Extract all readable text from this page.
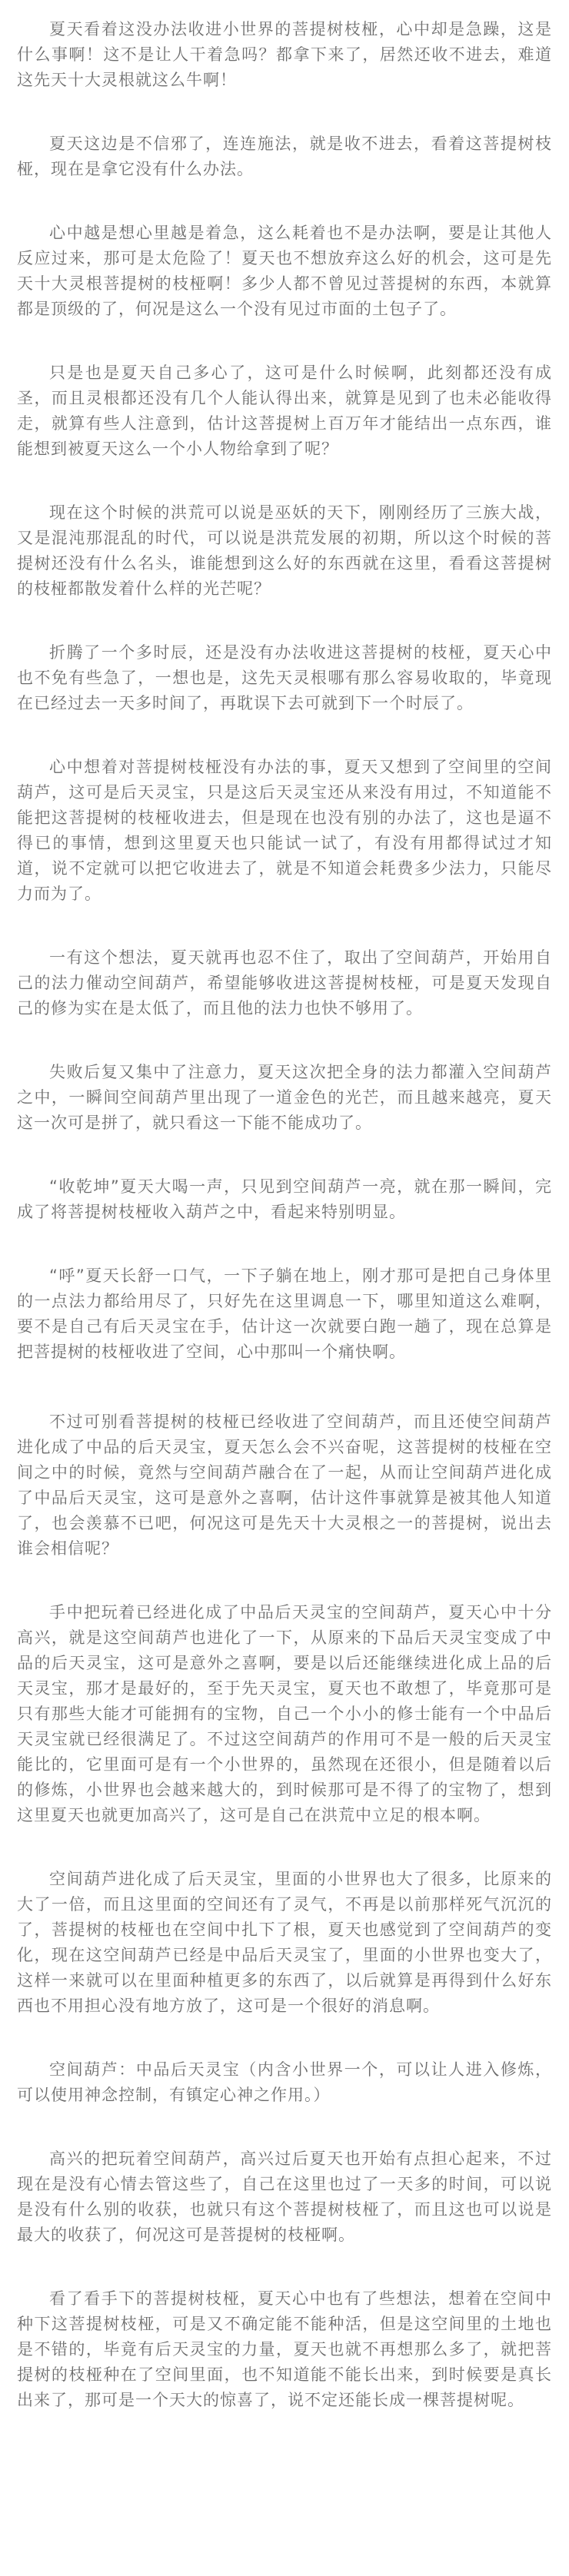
夏天看着这没办法收进小世界的菩提树枝桠，心中却是急躁，这是什么事啊！这不是让人干着急吗？都拿下来了，居然还收不进去，难道这先天十大灵根就这么牛啊！

夏天这边是不信邪了，连连施法，就是收不进去，看着这菩提树枝桠，现在是拿它没有什么办法。

心中越是想心里越是着急，这么耗着也不是办法啊，要是让其他人反应过来，那可是太危险了！夏天也不想放弃这么好的机会，这可是先天十大灵根菩提树的枝桠啊！多少人都不曾见过菩提树的东西，本就算都是顶级的了，何况是这么一个没有见过市面的土包子了。

只是也是夏天自己多心了，这可是什么时候啊，此刻都还没有成圣，而且灵根都还没有几个人能认得出来，就算是见到了也未必能收得走，就算有些人注意到，估计这菩提树上百万年才能结出一点东西，谁能想到被夏天这么一个小人物给拿到了呢？

现在这个时候的洪荒可以说是巫妖的天下，刚刚经历了三族大战，又是混沌那混乱的时代，可以说是洪荒发展的初期，所以这个时候的菩提树还没有什么名头，谁能想到这么好的东西就在这里，看看这菩提树的枝桠都散发着什么样的光芒呢？

折腾了一个多时辰，还是没有办法收进这菩提树的枝桠，夏天心中也不免有些急了，一想也是，这先天灵根哪有那么容易收取的，毕竟现在已经过去一天多时间了，再耽误下去可就到下一个时辰了。

心中想着对菩提树枝桠没有办法的事，夏天又想到了空间里的空间葫芦，这可是后天灵宝，只是这后天灵宝还从来没有用过，不知道能不能把这菩提树的枝桠收进去，但是现在也没有别的办法了，这也是逼不得已的事情，想到这里夏天也只能试一试了，有没有用都得试过才知道，说不定就可以把它收进去了，就是不知道会耗费多少法力，只能尽力而为了。

一有这个想法，夏天就再也忍不住了，取出了空间葫芦，开始用自己的法力催动空间葫芦，希望能够收进这菩提树枝桠，可是夏天发现自己的修为实在是太低了，而且他的法力也快不够用了。

失败后复又集中了注意力，夏天这次把全身的法力都灌入空间葫芦之中，一瞬间空间葫芦里出现了一道金色的光芒，而且越来越亮，夏天这一次可是拼了，就只看这一下能不能成功了。

“收乾坤”夏天大喝一声，只见到空间葫芦一亮，就在那一瞬间，完成了将菩提树枝桠收入葫芦之中，看起来特别明显。

“呼”夏天长舒一口气，一下子躺在地上，刚才那可是把自己身体里的一点法力都给用尽了，只好先在这里调息一下，哪里知道这么难啊，要不是自己有后天灵宝在手，估计这一次就要白跑一趟了，现在总算是把菩提树的枝桠收进了空间，心中那叫一个痛快啊。

不过可别看菩提树的枝桠已经收进了空间葫芦，而且还使空间葫芦进化成了中品的后天灵宝，夏天怎么会不兴奋呢，这菩提树的枝桠在空间之中的时候，竟然与空间葫芦融合在了一起，从而让空间葫芦进化成了中品后天灵宝，这可是意外之喜啊，估计这件事就算是被其他人知道了，也会羡慕不已吧，何况这可是先天十大灵根之一的菩提树，说出去谁会相信呢？

手中把玩着已经进化成了中品后天灵宝的空间葫芦，夏天心中十分高兴，就是这空间葫芦也进化了一下，从原来的下品后天灵宝变成了中品的后天灵宝，这可是意外之喜啊，要是以后还能继续进化成上品的后天灵宝，那才是最好的，至于先天灵宝，夏天也不敢想了，毕竟那可是只有那些大能才可能拥有的宝物，自己一个小小的修士能有一个中品后天灵宝就已经很满足了。不过这空间葫芦的作用可不是一般的后天灵宝能比的，它里面可是有一个小世界的，虽然现在还很小，但是随着以后的修炼，小世界也会越来越大的，到时候那可是不得了的宝物了，想到这里夏天也就更加高兴了，这可是自己在洪荒中立足的根本啊。

空间葫芦进化成了后天灵宝，里面的小世界也大了很多，比原来的大了一倍，而且这里面的空间还有了灵气，不再是以前那样死气沉沉的了，菩提树的枝桠也在空间中扎下了根，夏天也感觉到了空间葫芦的变化，现在这空间葫芦已经是中品后天灵宝了，里面的小世界也变大了，这样一来就可以在里面种植更多的东西了，以后就算是再得到什么好东西也不用担心没有地方放了，这可是一个很好的消息啊。

空间葫芦：中品后天灵宝（内含小世界一个，可以让人进入修炼，可以使用神念控制，有镇定心神之作用。）

高兴的把玩着空间葫芦，高兴过后夏天也开始有点担心起来，不过现在是没有心情去管这些了，自己在这里也过了一天多的时间，可以说是没有什么别的收获，也就只有这个菩提树枝桠了，而且这也可以说是最大的收获了，何况这可是菩提树的枝桠啊。

看了看手下的菩提树枝桠，夏天心中也有了些想法，想着在空间中种下这菩提树枝桠，可是又不确定能不能种活，但是这空间里的土地也是不错的，毕竟有后天灵宝的力量，夏天也就不再想那么多了，就把菩提树的枝桠种在了空间里面，也不知道能不能长出来，到时候要是真长出来了，那可是一个天大的惊喜了，说不定还能长成一棵菩提树呢。
